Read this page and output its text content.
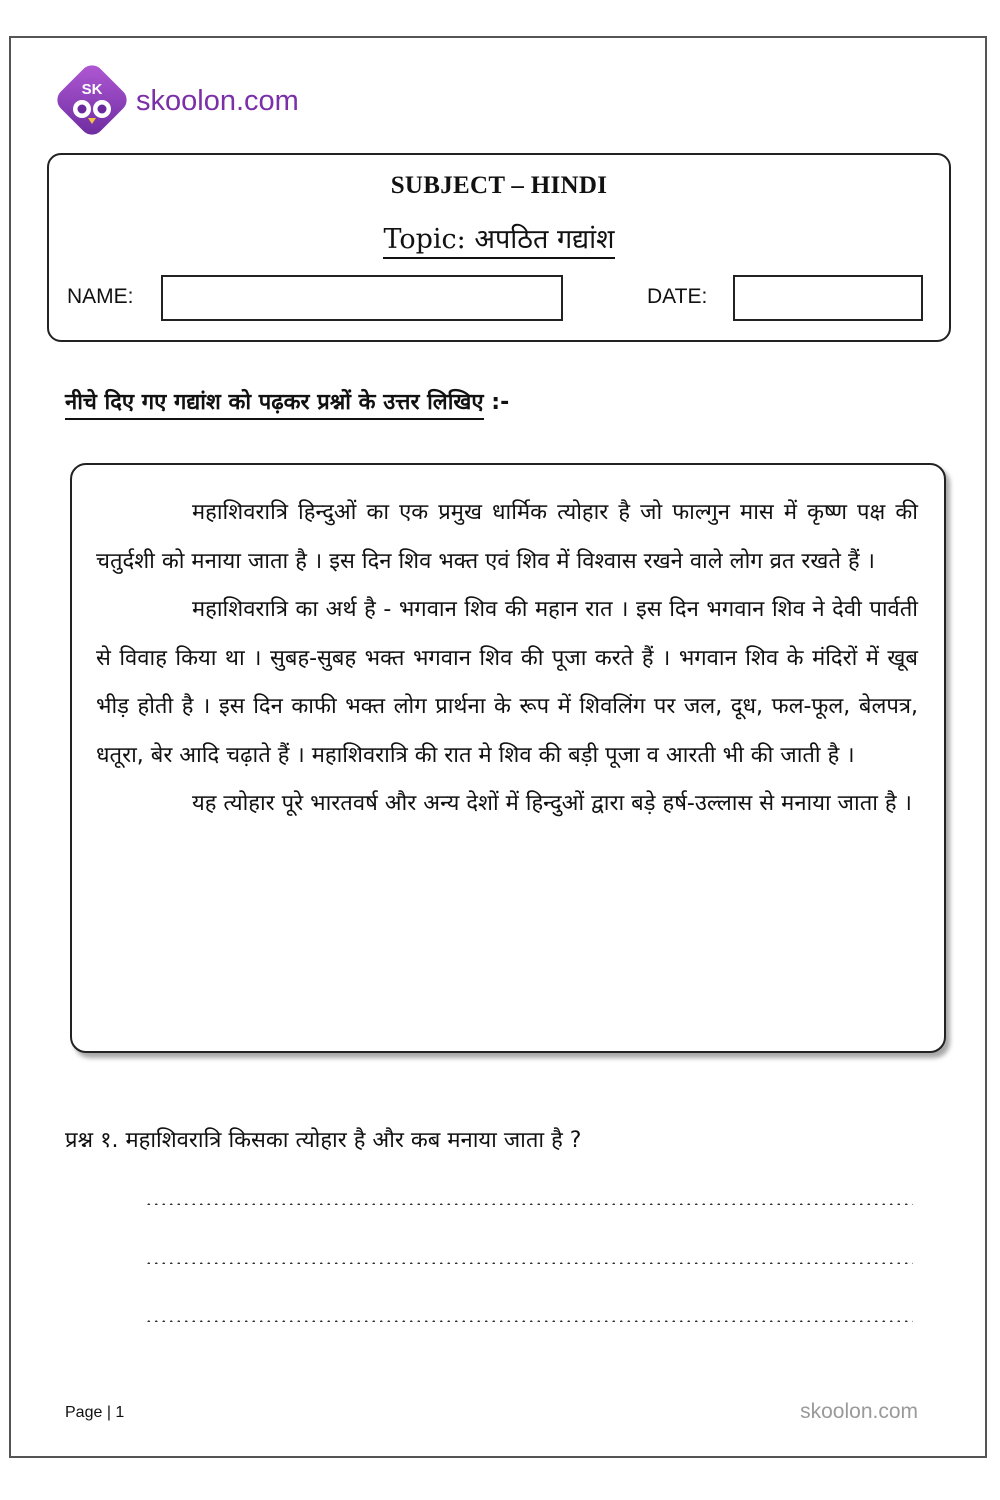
SK skoolon.com
SUBJECT – HINDI
Topic: अपठित गद्यांश
NAME:	DATE:
नीचे दिए गए गद्यांश को पढ़कर प्रश्नों के उत्तर लिखिए :-

महाशिवरात्रि हिन्दुओं का एक प्रमुख धार्मिक त्योहार है जो फाल्गुन मास में कृष्ण पक्ष की चतुर्दशी को मनाया जाता है । इस दिन शिव भक्त एवं शिव में विश्वास रखने वाले लोग व्रत रखते हैं ।

महाशिवरात्रि का अर्थ है - भगवान शिव की महान रात । इस दिन भगवान शिव ने देवी पार्वती से विवाह किया था । सुबह-सुबह भक्त भगवान शिव की पूजा करते हैं । भगवान शिव के मंदिरों में खूब भीड़ होती है । इस दिन काफी भक्त लोग प्रार्थना के रूप में शिवलिंग पर जल, दूध, फल-फूल, बेलपत्र, धतूरा, बेर आदि चढ़ाते हैं । महाशिवरात्रि की रात मे शिव की बड़ी पूजा व आरती भी की जाती है ।

यह त्योहार पूरे भारतवर्ष और अन्य देशों में हिन्दुओं द्वारा बड़े हर्ष-उल्लास से मनाया जाता है ।

प्रश्न १. महाशिवरात्रि किसका त्योहार है और कब मनाया जाता है ?
Page | 1	skoolon.com
